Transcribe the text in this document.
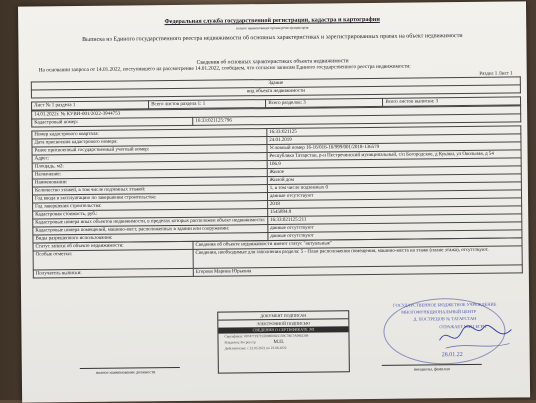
Федеральная служба государственной регистрации, кадастра и картографии
полное наименование органа регистрации прав
Выписка из Единого государственного реестра недвижимости об основных характеристиках и зарегистрированных правах на объект недвижимости
Сведения об основных характеристиках объекта недвижимости
На основании запроса от 14.01.2022, поступившего на рассмотрение 14.01.2022, сообщаем, что согласно записям Единого государственного реестра недвижимости:
Раздел 1 Лист 1
Здание
вид объекта недвижимости
Лист № 1 раздела 1	Всего листов раздела 1: 1	Всего разделов: 3	Всего листов выписки: 3
14.01.2022г. № КУВИ-001/2022-3944753
Кадастровый номер:	16:33:021125:796
Номер кадастрового квартала:	16:33:021125
Дата присвоения кадастрового номера:	24.01.2019
Ранее присвоенный государственный учетный номер:	Условный номер 16-16/016-16/999/001/2018-136579
Адрес:	Республика Татарстан, р-н Пестречинский муниципальный, с/п Богородское, д Кукаки, ул Окольная, д 54
Площадь, м2:	106.9
Назначение:	Жилое
Наименование:	Жилой дом
Количество этажей, в том числе подземных этажей:	1, в том числе подземных 0
Год ввода в эксплуатацию по завершении строительства:	данные отсутствуют
Год завершения строительства:	2018
Кадастровая стоимость, руб.:	1545894.9
Кадастровые номера иных объектов недвижимости, в пределах которых расположен объект недвижимости:	16:33:021125:211
Кадастровые номера помещений, машино-мест, расположенных в здании или сооружении:	данные отсутствуют
Виды разрешенного использования:	данные отсутствуют
Статус записи об объекте недвижимости:	Сведения об объекте недвижимости имеют статус "актуальные"
Особые отметки:	Сведения, необходимые для заполнения раздела: 5 - План расположения помещения, машино-места на этаже (плане этажа), отсутствуют.
Получатель выписки:	Егорова Марина Юрьевна
ДОКУМЕНТ ПОДПИСАН
ЭЛЕКТРОННОЙ ПОДПИСЬЮ
СВЕДЕНИЯ О СЕРТИФИКАТЕ ЭП
Сертификат: 00747719719309800825159C78E7A99ED08
Владелец: Росреестр
Действителен: с 23.03.2021 по 23.06.2022
М.П.
полное наименование должности
ГОСУДАРСТВЕННОЕ БЮДЖЕТНОЕ УЧРЕЖДЕНИЕ
МНОГОФУНКЦИОНАЛЬНЫЙ ЦЕНТР
Д. ПОСТРЕЦОВ № ТАТАРСТАН
ОТРАЖАЕТ МФЦ ЕГРН
28.01.22
инициалы, фамилия
